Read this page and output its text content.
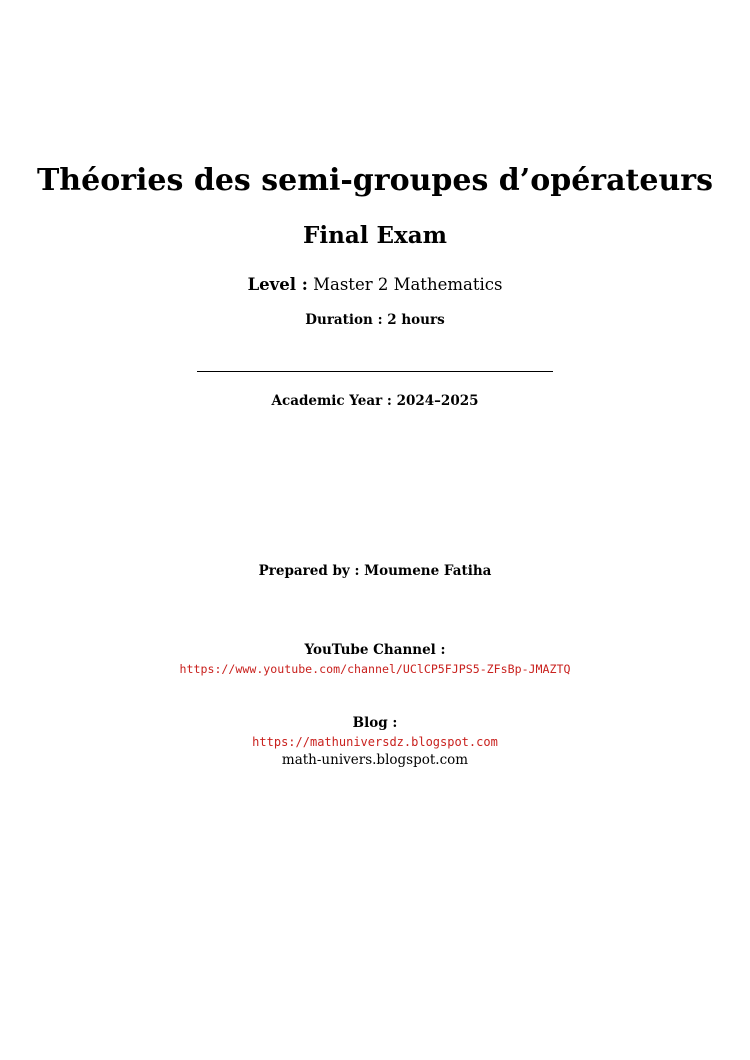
Théories des semi-groupes d’opérateurs
Final Exam

Level : Master 2 Mathematics

Duration : 2 hours

Academic Year : 2024–2025

Prepared by : Moumene Fatiha

YouTube Channel :

https://www.youtube.com/channel/UClCP5FJPS5-ZFsBp-JMAZTQ

Blog :

https://mathuniversdz.blogspot.com

math-univers.blogspot.com
